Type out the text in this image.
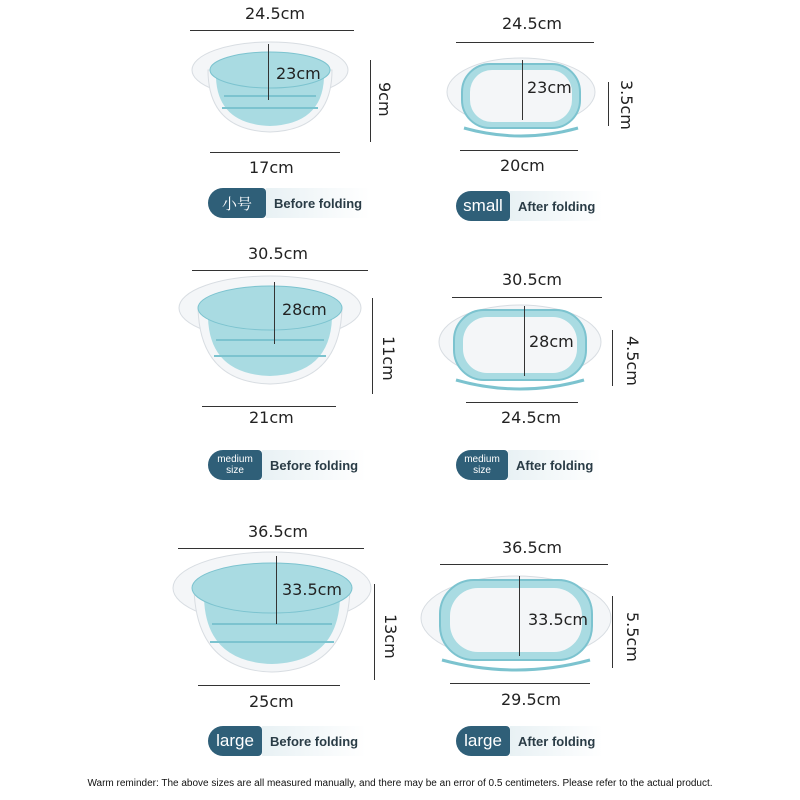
24.5cm
23cm
9cm
17cm
小号	Before folding
24.5cm
23cm	3.5cm
20cm
small	After folding
30.5cm
28cm
11cm
21cm
medium
size	Before folding
30.5cm
28cm	4.5cm
24.5cm
medium
size	After folding
36.5cm
33.5cm
13cm
25cm
large	Before folding
36.5cm
33.5cm 5.5cm
29.5cm
large	After folding
Warm reminder: The above sizes are all measured manually, and there may be an error of 0.5 centimeters. Please refer to the actual product.
